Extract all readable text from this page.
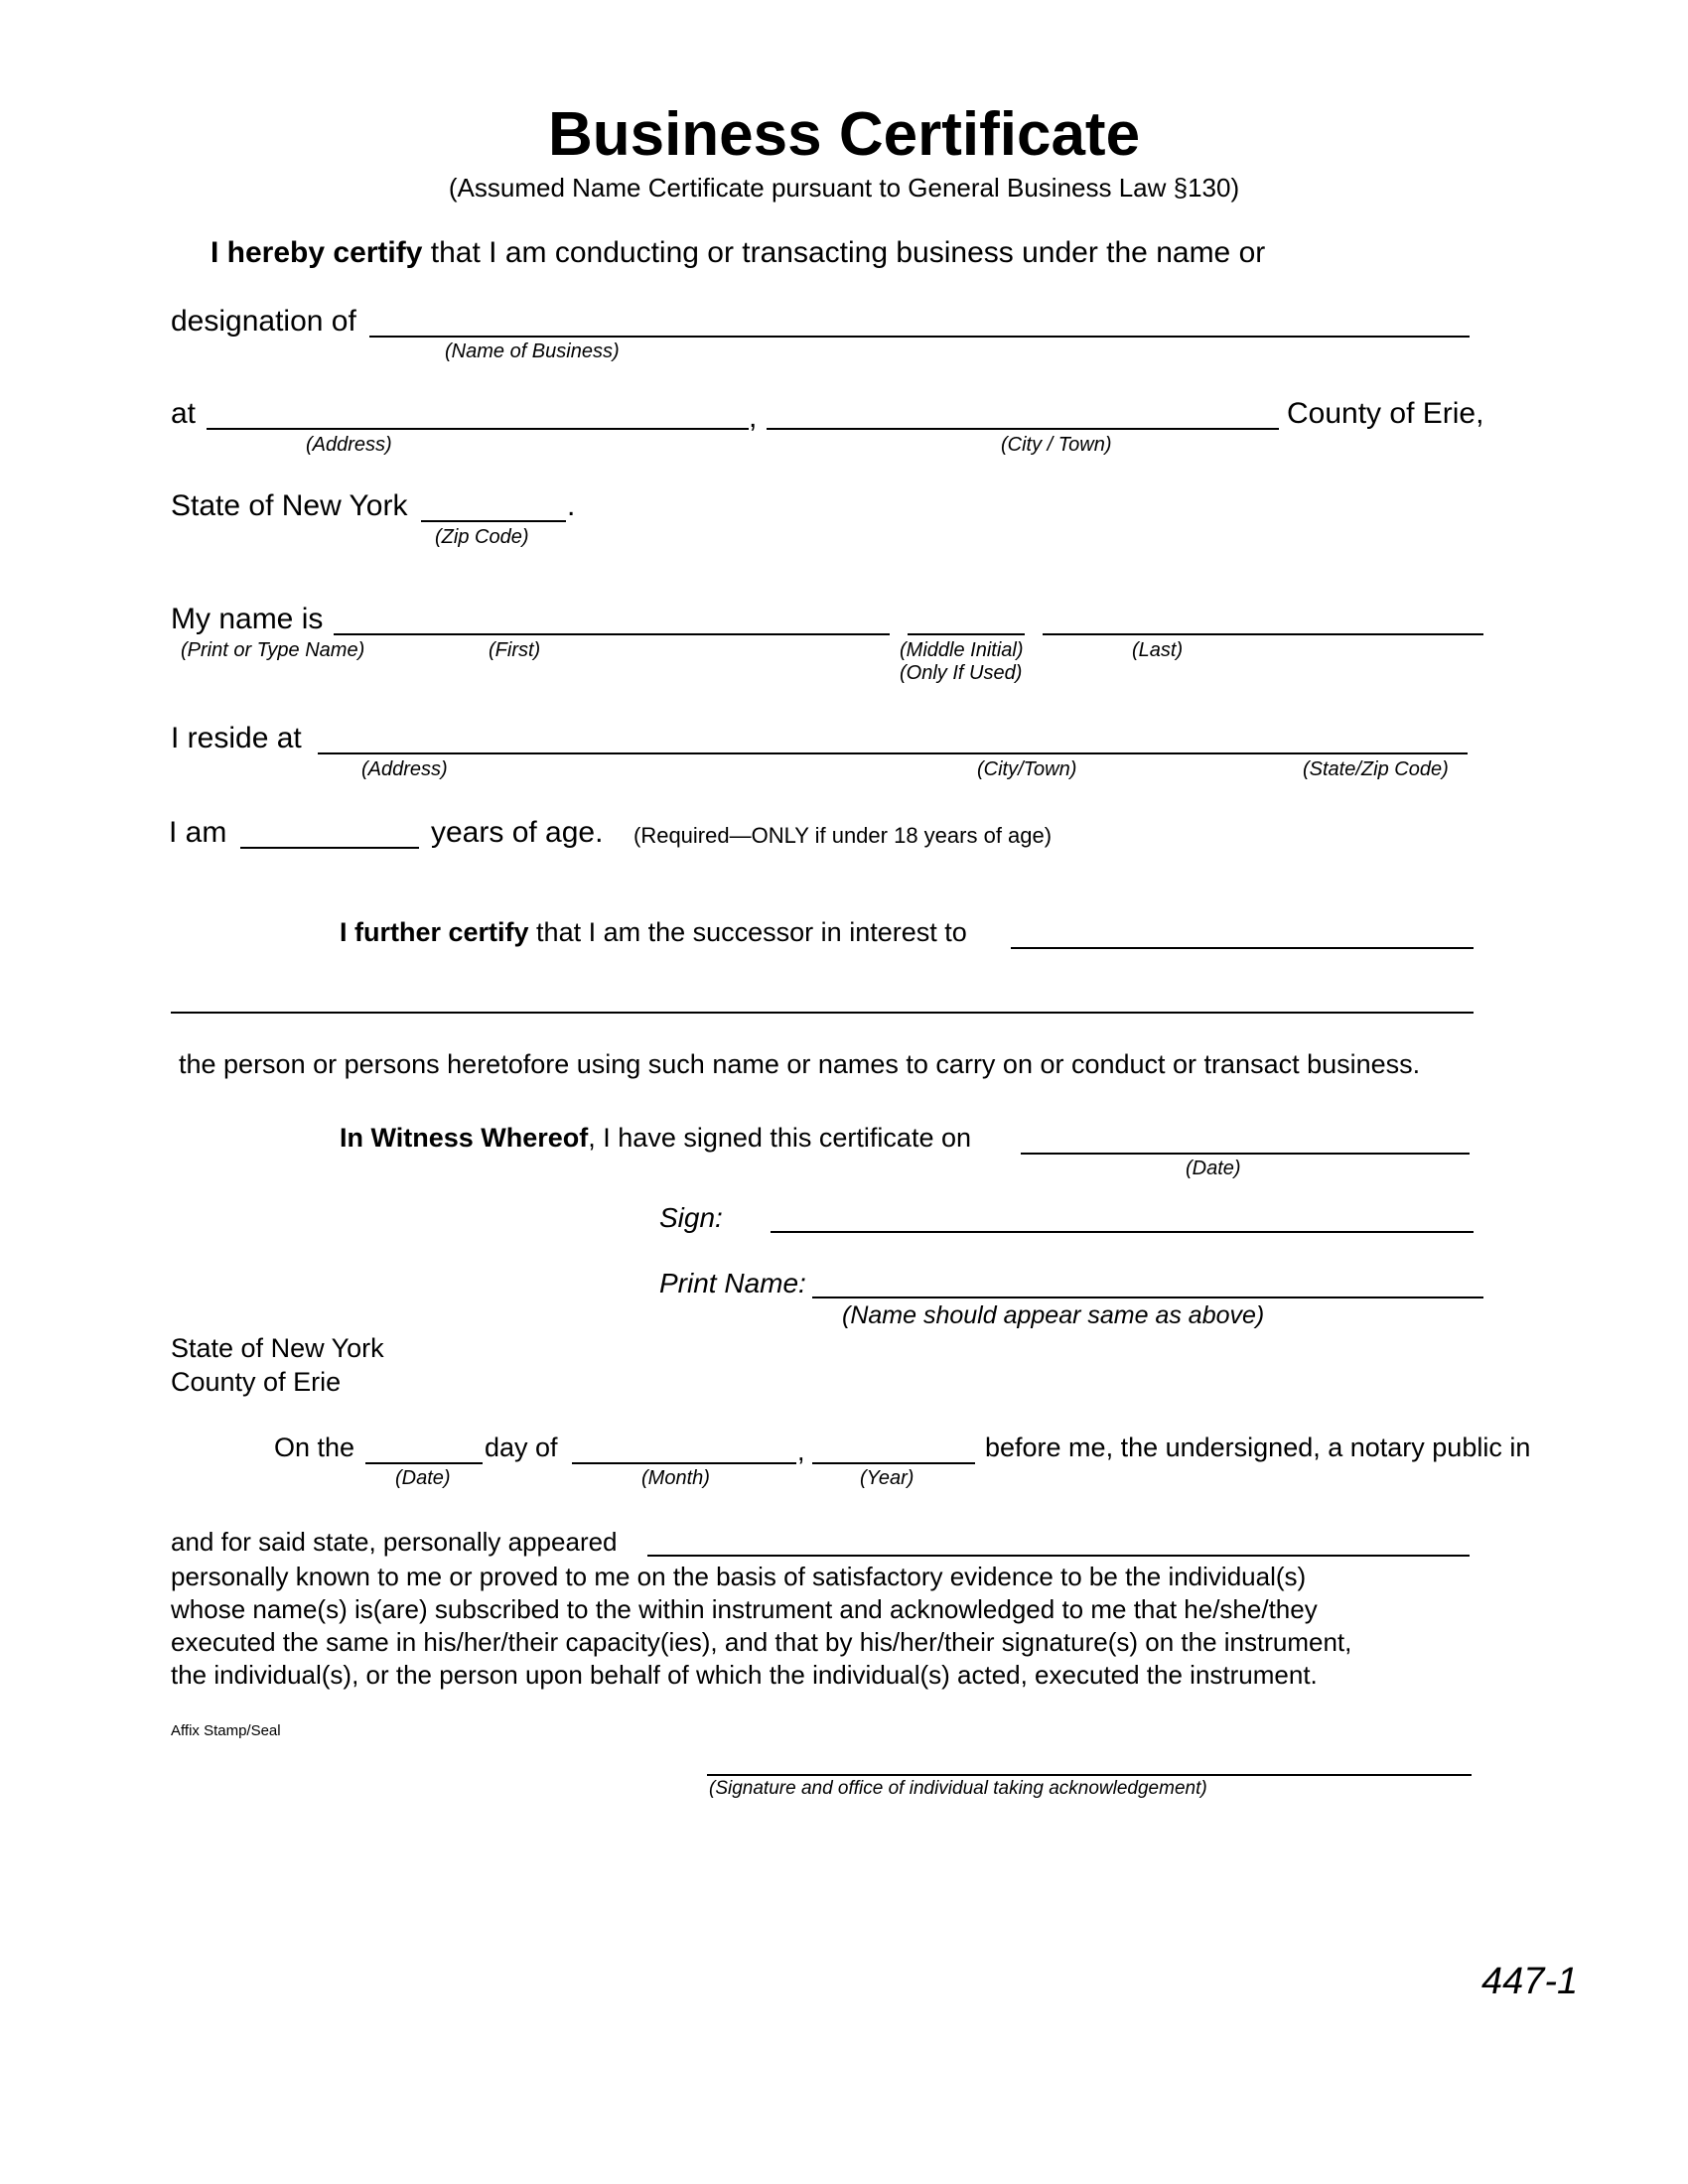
Business Certificate
(Assumed Name Certificate pursuant to General Business Law §130)
I hereby certify that I am conducting or transacting business under the name or
designation of
(Name of Business)
at	,	County of Erie,
(Address)	(City / Town)
State of New York	.
(Zip Code)
My name is
(Print or Type Name)	(First)	(Middle Initial)
(Only If Used)
(Last)
I reside at
(Address)	(City/Town)	(State/Zip Code)
I am	years of age. (Required—ONLY if under 18 years of age)
I further certify that I am the successor in interest to
the person or persons heretofore using such name or names to carry on or conduct or transact business.
In Witness Whereof, I have signed this certificate on
(Date)
Sign:
Print Name:
(Name should appear same as above)
State of New York
County of Erie
On the	day of	,	before me, the undersigned, a notary public in
(Date)	(Month)	(Year)
and for said state, personally appeared
personally known to me or proved to me on the basis of satisfactory evidence to be the individual(s)
whose name(s) is(are) subscribed to the within instrument and acknowledged to me that he/she/they
executed the same in his/her/their capacity(ies), and that by his/her/their signature(s) on the instrument,
the individual(s), or the person upon behalf of which the individual(s) acted, executed the instrument.
Affix Stamp/Seal
(Signature and office of individual taking acknowledgement)
447-1
